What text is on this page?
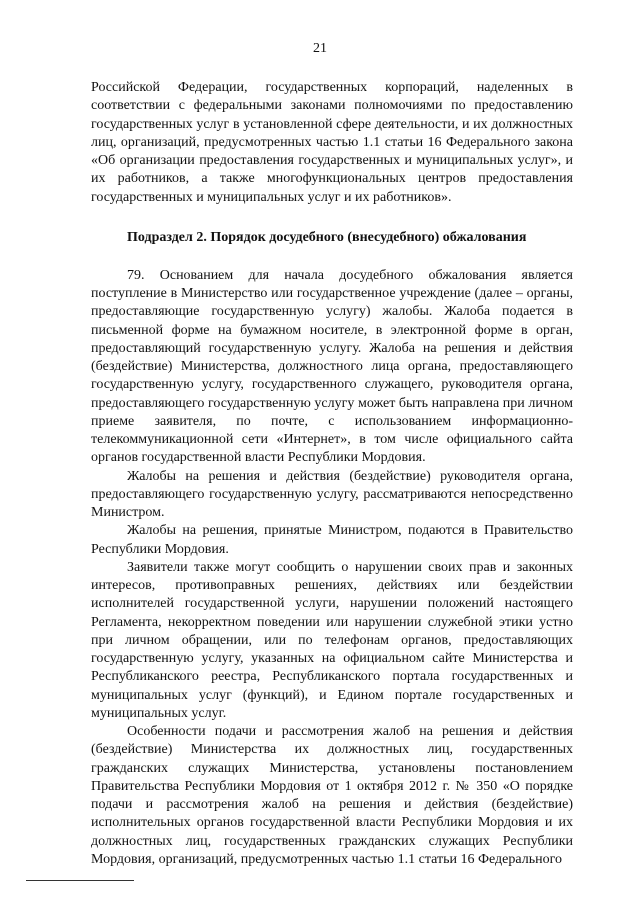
21

Российской Федерации, государственных корпораций, наделенных в соответствии с федеральными законами полномочиями по предоставлению государственных услуг в установленной сфере деятельности, и их должностных лиц, организаций, предусмотренных частью 1.1 статьи 16 Федерального закона «Об организации предоставления государственных и муниципальных услуг», и их работников, а также многофункциональных центров предоставления государственных и муниципальных услуг и их работников».

Подраздел 2. Порядок досудебного (внесудебного) обжалования

79. Основанием для начала досудебного обжалования является поступление в Министерство или государственное учреждение (далее – органы, предоставляющие государственную услугу) жалобы. Жалоба подается в письменной форме на бумажном носителе, в электронной форме в орган, предоставляющий государственную услугу. Жалоба на решения и действия (бездействие) Министерства, должностного лица органа, предоставляющего государственную услугу, государственного служащего, руководителя органа, предоставляющего государственную услугу может быть направлена при личном приеме заявителя, по почте, с использованием информационно-телекоммуникационной сети «Интернет», в том числе официального сайта органов государственной власти Республики Мордовия.

Жалобы на решения и действия (бездействие) руководителя органа, предоставляющего государственную услугу, рассматриваются непосредственно Министром.

Жалобы на решения, принятые Министром, подаются в Правительство Республики Мордовия.

Заявители также могут сообщить о нарушении своих прав и законных интересов, противоправных решениях, действиях или бездействии исполнителей государственной услуги, нарушении положений настоящего Регламента, некорректном поведении или нарушении служебной этики устно при личном обращении, или по телефонам органов, предоставляющих государственную услугу, указанных на официальном сайте Министерства и Республиканского реестра, Республиканского портала государственных и муниципальных услуг (функций), и Едином портале государственных и муниципальных услуг.

Особенности подачи и рассмотрения жалоб на решения и действия (бездействие) Министерства их должностных лиц, государственных гражданских служащих Министерства, установлены постановлением Правительства Республики Мордовия от 1 октября 2012 г. № 350 «О порядке подачи и рассмотрения жалоб на решения и действия (бездействие) исполнительных органов государственной власти Республики Мордовия и их должностных лиц, государственных гражданских служащих Республики Мордовия, организаций, предусмотренных частью 1.1 статьи 16 Федерального
